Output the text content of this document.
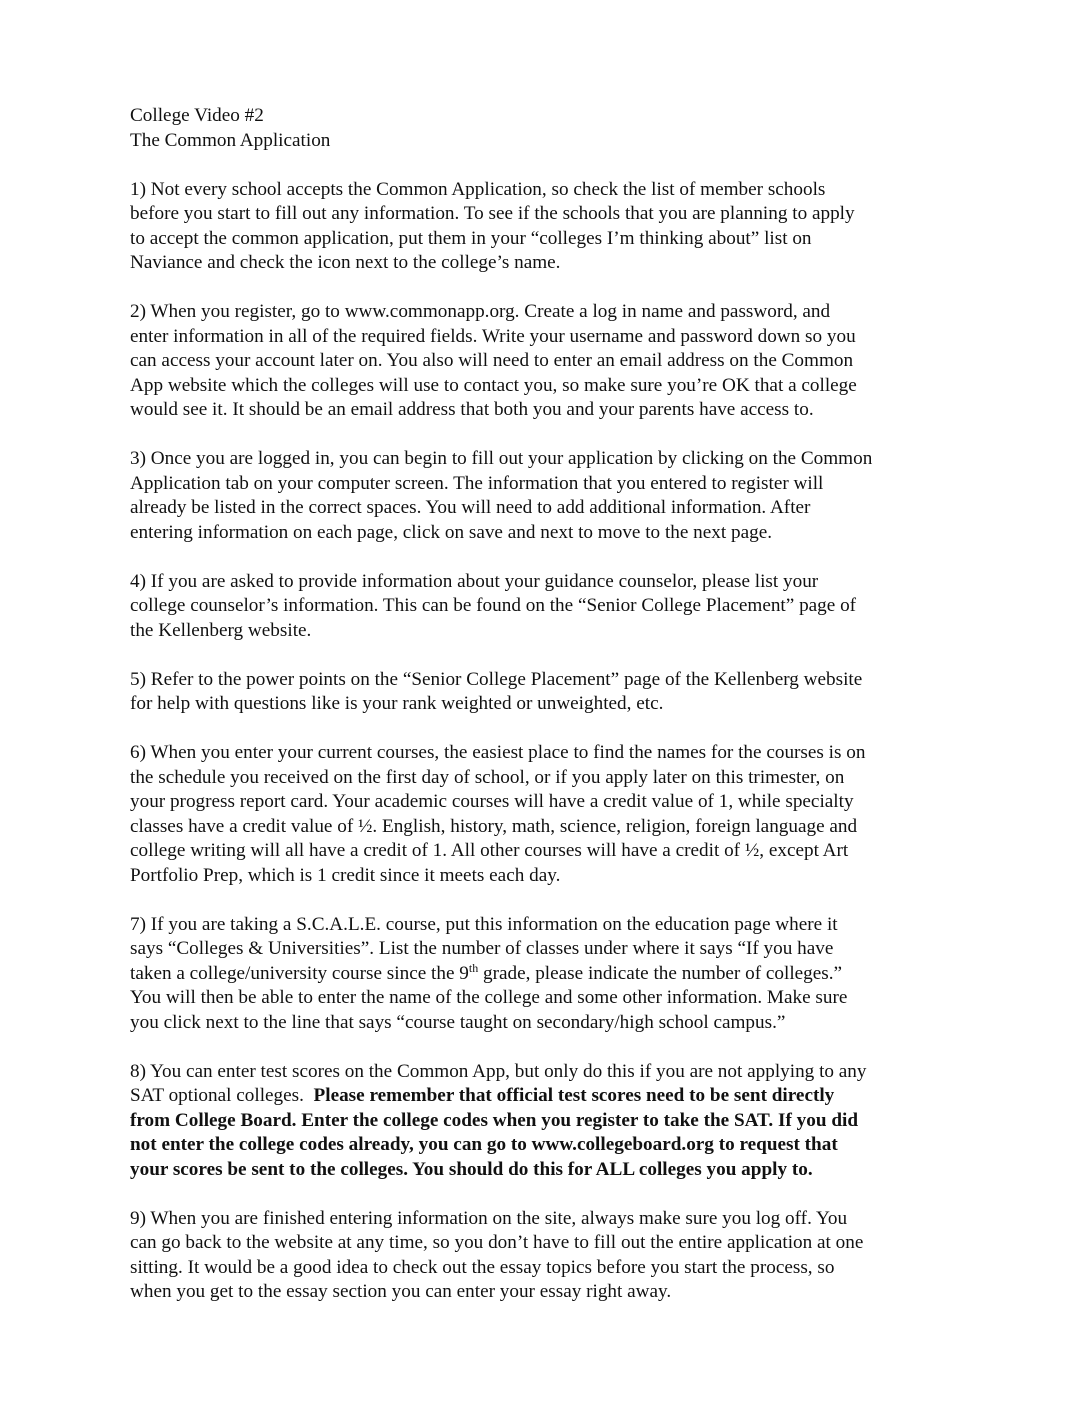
College Video #2

The Common Application

1) Not every school accepts the Common Application, so check the list of member schools
before you start to fill out any information. To see if the schools that you are planning to apply
to accept the common application, put them in your “colleges I’m thinking about” list on
Naviance and check the icon next to the college’s name.

2) When you register, go to www.commonapp.org. Create a log in name and password, and
enter information in all of the required fields. Write your username and password down so you
can access your account later on. You also will need to enter an email address on the Common
App website which the colleges will use to contact you, so make sure you’re OK that a college
would see it. It should be an email address that both you and your parents have access to.

3) Once you are logged in, you can begin to fill out your application by clicking on the Common
Application tab on your computer screen. The information that you entered to register will
already be listed in the correct spaces. You will need to add additional information. After
entering information on each page, click on save and next to move to the next page.

4) If you are asked to provide information about your guidance counselor, please list your
college counselor’s information. This can be found on the “Senior College Placement” page of
the Kellenberg website.

5) Refer to the power points on the “Senior College Placement” page of the Kellenberg website
for help with questions like is your rank weighted or unweighted, etc.

6) When you enter your current courses, the easiest place to find the names for the courses is on
the schedule you received on the first day of school, or if you apply later on this trimester, on
your progress report card. Your academic courses will have a credit value of 1, while specialty
classes have a credit value of ½. English, history, math, science, religion, foreign language and
college writing will all have a credit of 1. All other courses will have a credit of ½, except Art
Portfolio Prep, which is 1 credit since it meets each day.

7) If you are taking a S.C.A.L.E. course, put this information on the education page where it
says “Colleges & Universities”. List the number of classes under where it says “If you have
taken a college/university course since the 9th grade, please indicate the number of colleges.”
You will then be able to enter the name of the college and some other information. Make sure
you click next to the line that says “course taught on secondary/high school campus.”

8) You can enter test scores on the Common App, but only do this if you are not applying to any
SAT optional colleges.  Please remember that official test scores need to be sent directly
from College Board. Enter the college codes when you register to take the SAT. If you did
not enter the college codes already, you can go to www.collegeboard.org to request that
your scores be sent to the colleges. You should do this for ALL colleges you apply to.

9) When you are finished entering information on the site, always make sure you log off. You
can go back to the website at any time, so you don’t have to fill out the entire application at one
sitting. It would be a good idea to check out the essay topics before you start the process, so
when you get to the essay section you can enter your essay right away.
